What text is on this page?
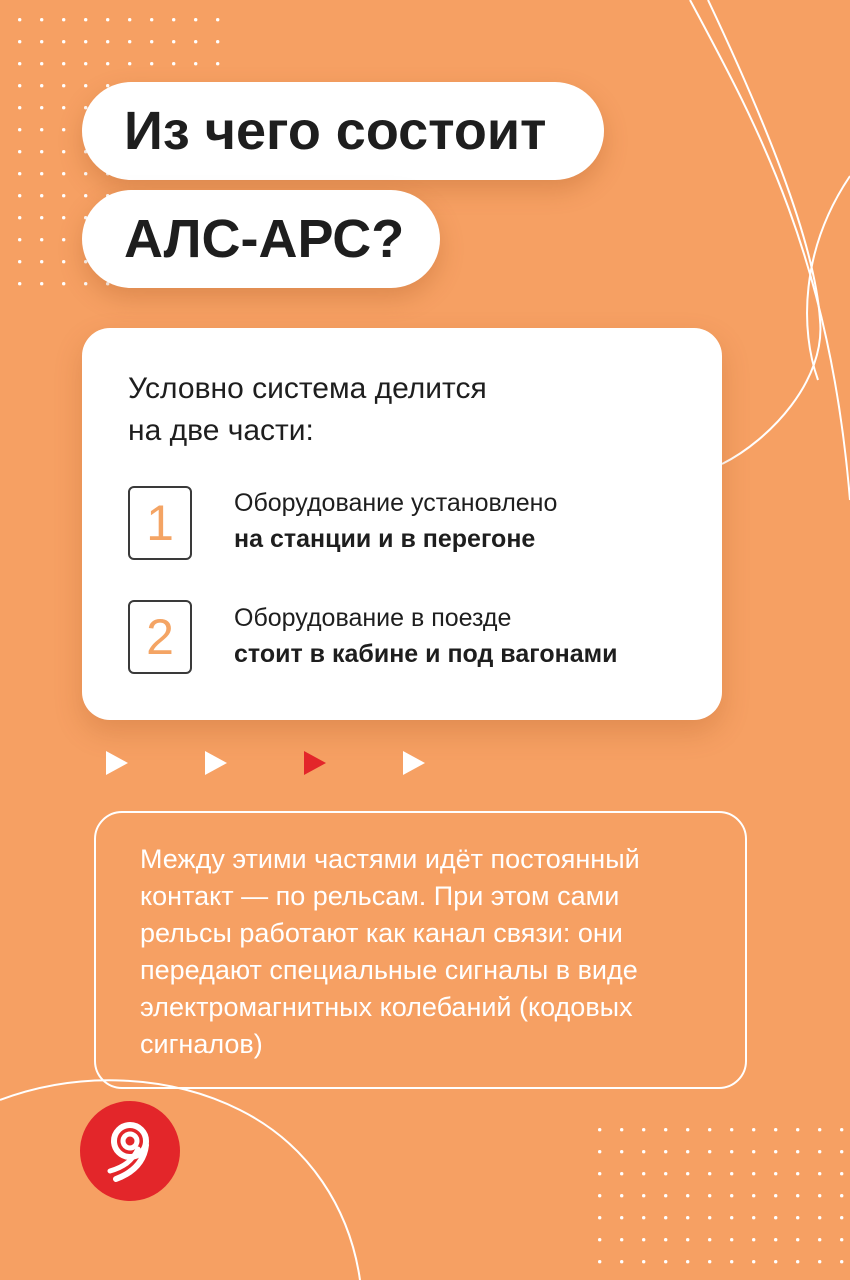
Из чего состоит
АЛС-АРС?

Условно система делится
на две части:

1 Оборудование установлено
на станции и в перегоне
2 Оборудование в поезде
стоит в кабине и под вагонами

Между этими частями идёт постоянный
контакт — по рельсам. При этом сами
рельсы работают как канал связи: они
передают специальные сигналы в виде
электромагнитных колебаний (кодовых
сигналов)
